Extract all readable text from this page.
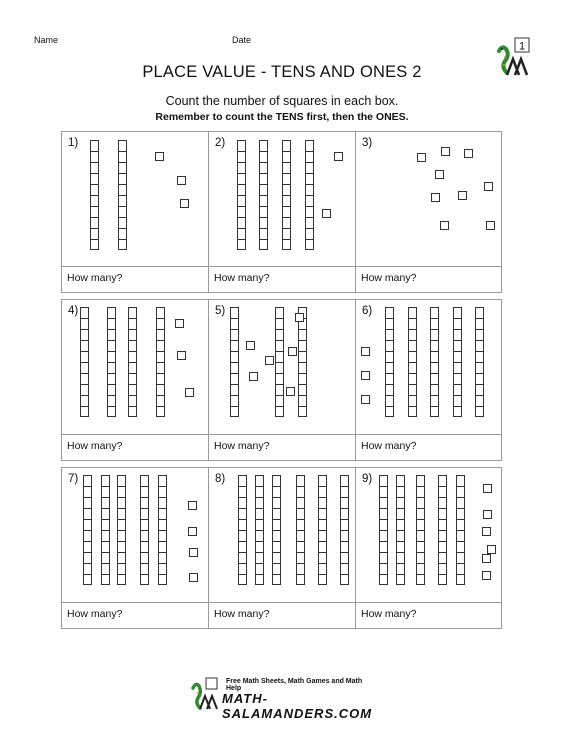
Name	Date
1
PLACE VALUE - TENS AND ONES 2
Count the number of squares in each box.
Remember to count the TENS first, then the ONES.
1)
How many?
2)
How many?
3)
How many?
4)
How many?
5)
How many?
6)
How many?
7)
How many?
8)
How many?
9)
How many?
Free Math Sheets, Math Games and Math Help
MATH-SALAMANDERS.COM
